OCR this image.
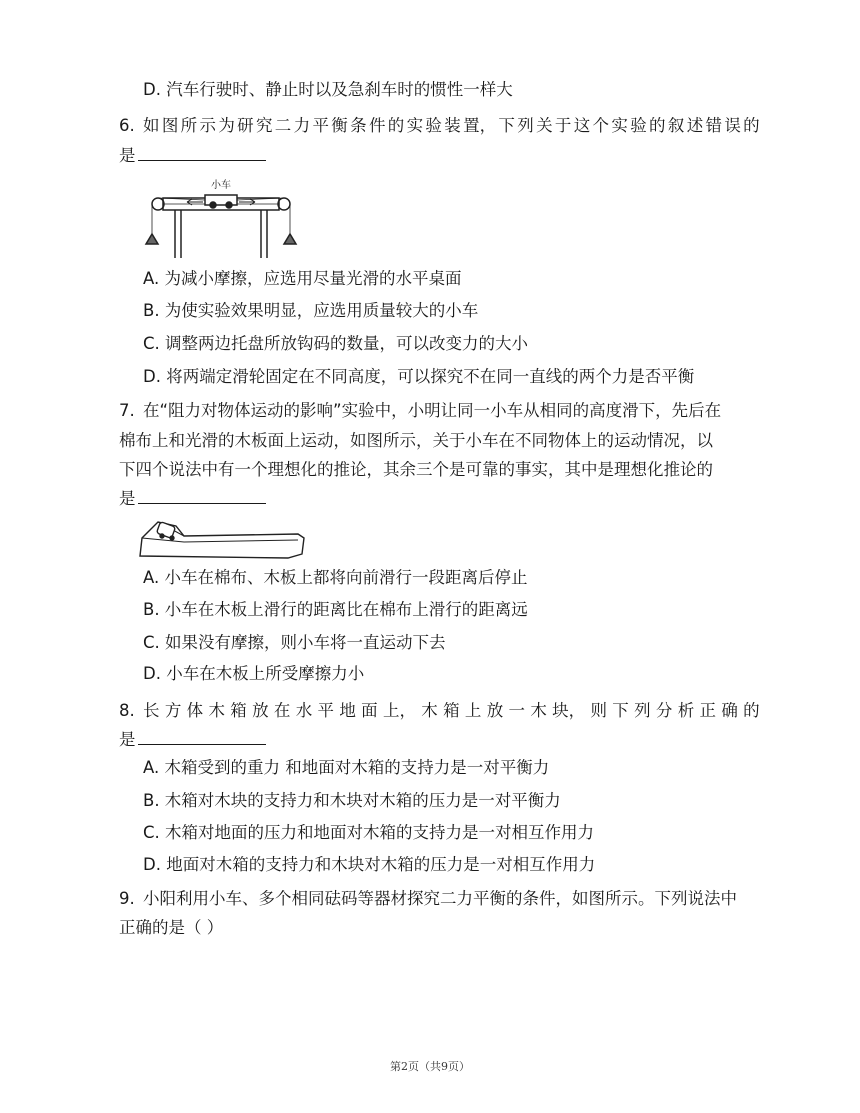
D. 汽车行驶时、静止时以及急刹车时的惯性一样大
6. 如 图 所 示 为 研 究 二 力 平 衡 条 件 的 实 验 装 置， 下 列 关 于 这 个 实 验 的 叙 述 错 误 的
是
小车
A. 为减小摩擦，应选用尽量光滑的水平桌面
B. 为使实验效果明显，应选用质量较大的小车
C. 调整两边托盘所放钩码的数量，可以改变力的大小
D. 将两端定滑轮固定在不同高度，可以探究不在同一直线的两个力是否平衡
7. 在“阻力对物体运动的影响”实验中，小明让同一小车从相同的高度滑下，先后在
棉布上和光滑的木板面上运动，如图所示，关于小车在不同物体上的运动情况，以
下四个说法中有一个理想化的推论，其余三个是可靠的事实，其中是理想化推论的
是
A. 小车在棉布、木板上都将向前滑行一段距离后停止
B. 小车在木板上滑行的距离比在棉布上滑行的距离远
C. 如果没有摩擦，则小车将一直运动下去
D. 小车在木板上所受摩擦力小
8. 长 方 体 木 箱 放 在 水 平 地 面 上， 木 箱 上 放 一 木 块， 则 下 列 分 析 正 确 的
是
A. 木箱受到的重力 和地面对木箱的支持力是一对平衡力
B. 木箱对木块的支持力和木块对木箱的压力是一对平衡力
C. 木箱对地面的压力和地面对木箱的支持力是一对相互作用力
D. 地面对木箱的支持力和木块对木箱的压力是一对相互作用力
9. 小阳利用小车、多个相同砝码等器材探究二力平衡的条件，如图所示。下列说法中
正确的是（ ）
第2页（共9页）
